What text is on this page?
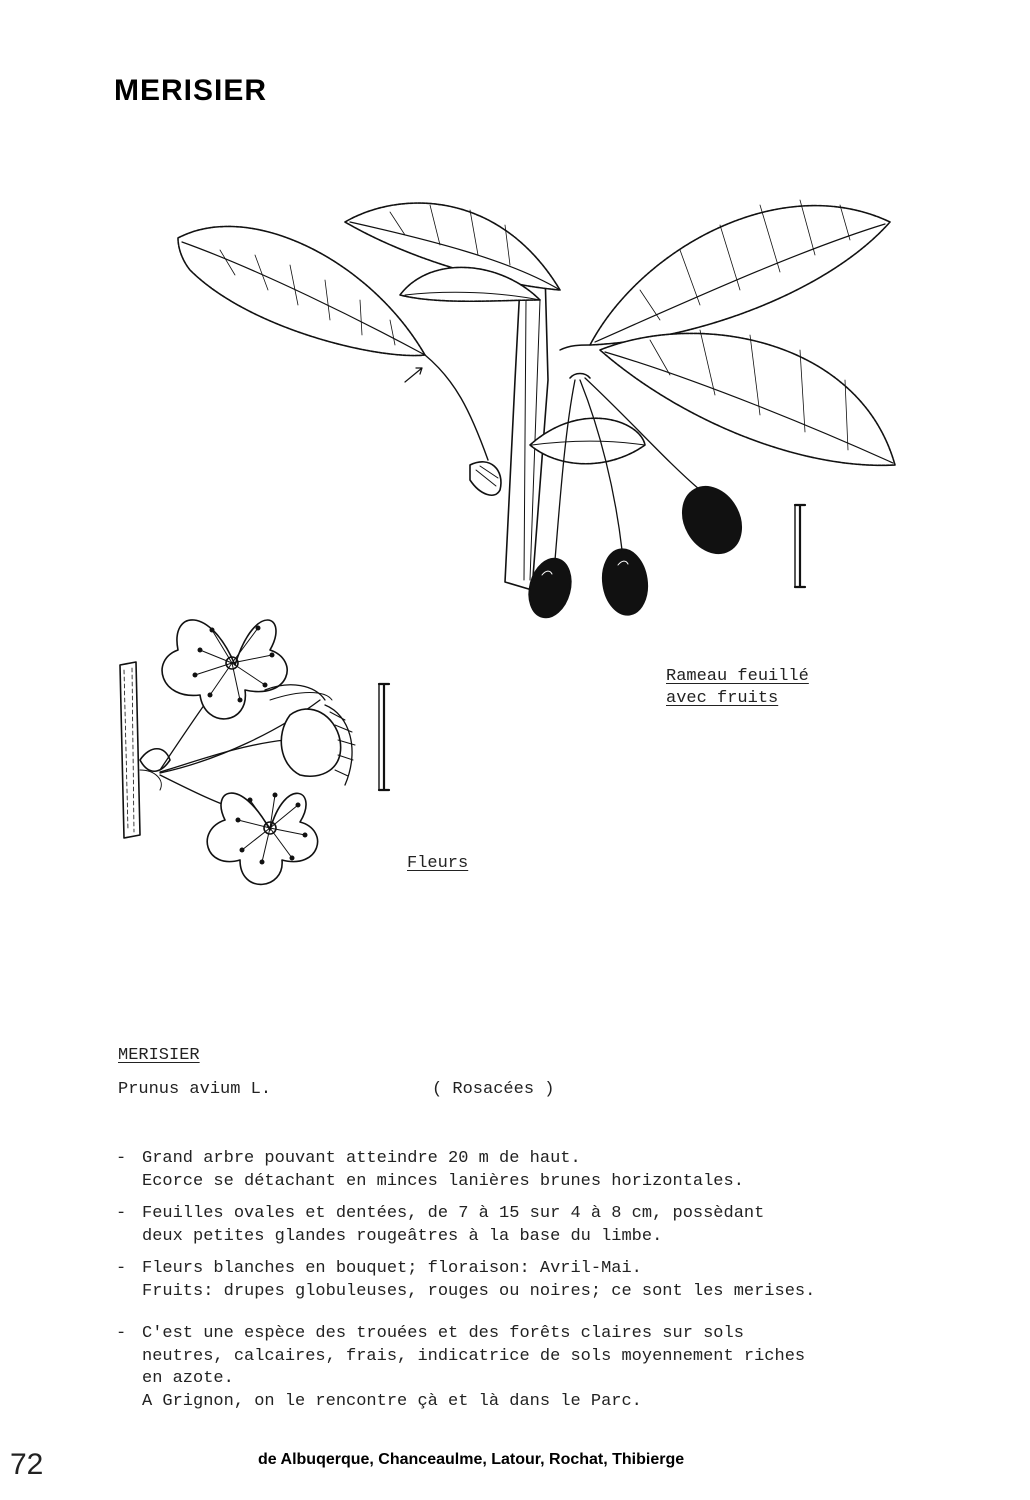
MERISIER
Rameau feuillé
avec fruits
Fleurs
MERISIER
Prunus avium L.	( Rosacées )
- Grand arbre pouvant atteindre 20 m de haut.
Ecorce se détachant en minces lanières brunes horizontales.
- Feuilles ovales et dentées, de 7 à 15 sur 4 à 8 cm, possèdant
deux petites glandes rougeâtres à la base du limbe.
- Fleurs blanches en bouquet; floraison: Avril-Mai.
Fruits: drupes globuleuses, rouges ou noires; ce sont les merises.
- C'est une espèce des trouées et des forêts claires sur sols
neutres, calcaires, frais, indicatrice de sols moyennement riches
en azote.
A Grignon, on le rencontre çà et là dans le Parc.
72	de Albuqerque, Chanceaulme, Latour, Rochat, Thibierge
